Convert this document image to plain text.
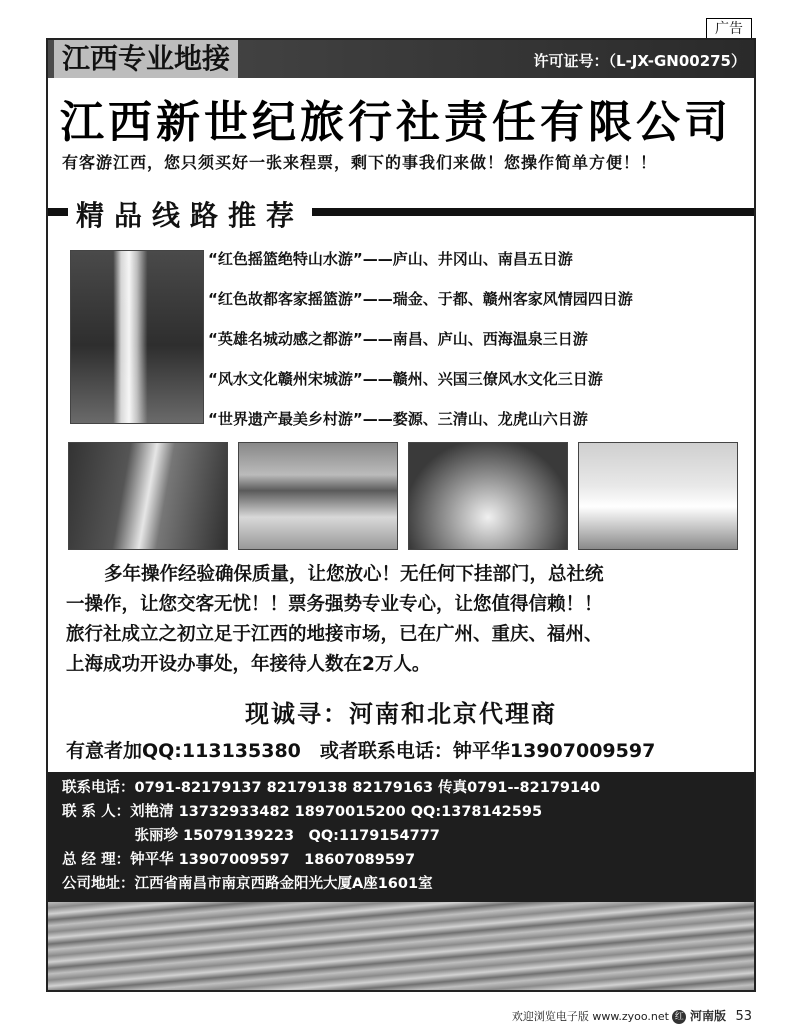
广告
江西专业地接	许可证号：（L-JX-GN00275）
江西新世纪旅行社责任有限公司
有客游江西，您只须买好一张来程票，剩下的事我们来做！您操作简单方便！！
精品线路推荐
“红色摇篮绝特山水游”——庐山、井冈山、南昌五日游
“红色故都客家摇篮游”——瑞金、于都、赣州客家风情园四日游
“英雄名城动感之都游”——南昌、庐山、西海温泉三日游
“风水文化赣州宋城游”——赣州、兴国三僚风水文化三日游
“世界遗产最美乡村游”——婺源、三清山、龙虎山六日游

多年操作经验确保质量，让您放心！无任何下挂部门，总社统

一操作，让您交客无忧！！票务强势专业专心，让您值得信赖！！

旅行社成立之初立足于江西的地接市场，已在广州、重庆、福州、

上海成功开设办事处，年接待人数在2万人。

现诚寻：河南和北京代理商
有意者加QQ:113135380　或者联系电话：钟平华13907009597
联系电话：0791-82179137 82179138 82179163 传真0791--82179140
联 系 人：刘艳清 13732933482 18970015200 QQ:1378142595
　　　　　张丽珍 15079139223　QQ:1179154777
总 经 理：钟平华 13907009597　18607089597
公司地址：江西省南昌市南京西路金阳光大厦A座1601室
欢迎浏览电子版 www.zyoo.net 红 河南版 53
